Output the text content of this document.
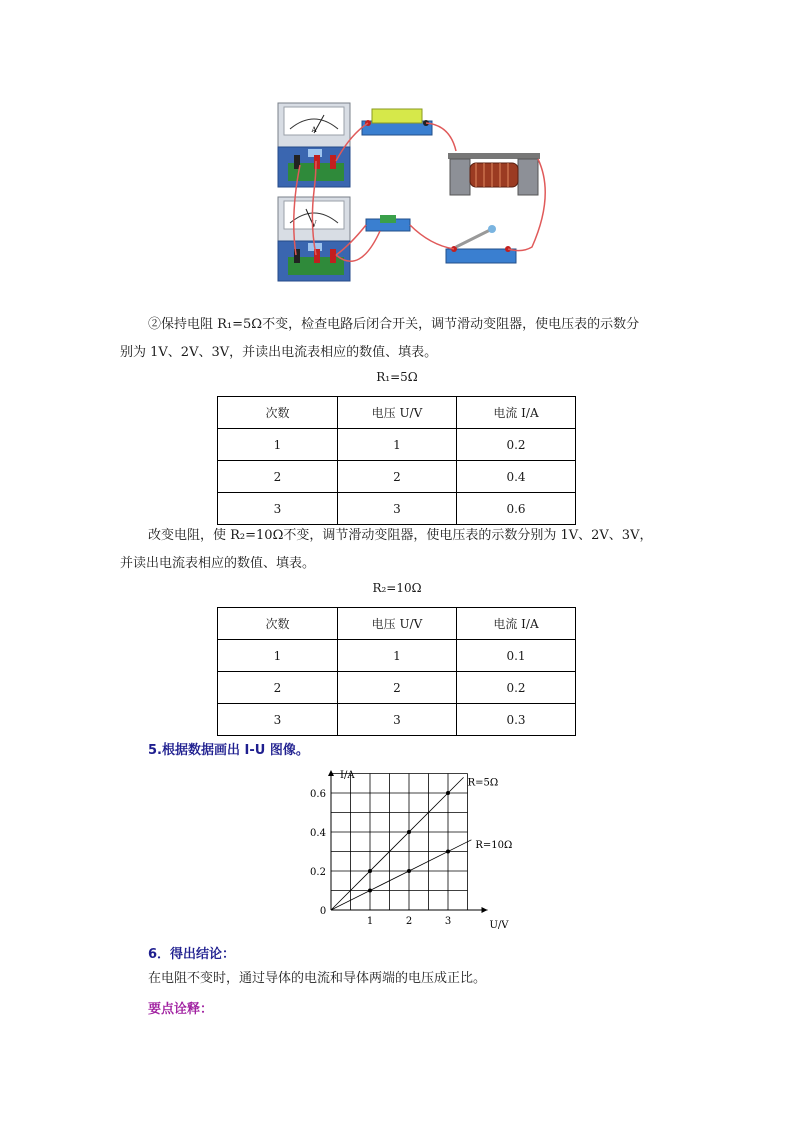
A
V
②保持电阻 R₁=5Ω不变，检查电路后闭合开关，调节滑动变阻器，使电压表的示数分
别为 1V、2V、3V，并读出电流表相应的数值、填表。
R₁=5Ω
次数	电压 U/V	电流 I/A
1	1	0.2
2	2	0.4
3	3	0.6
改变电阻，使 R₂=10Ω不变，调节滑动变阻器，使电压表的示数分别为 1V、2V、3V，
并读出电流表相应的数值、填表。
R₂=10Ω
次数	电压 U/V	电流 I/A
1	1	0.1
2	2	0.2
3	3	0.3
5.根据数据画出 I-U 图像。
I/A
U/V
0
1	2	3
0.2
0.4
0.6
R=5Ω
R=10Ω
6．得出结论：
在电阻不变时，通过导体的电流和导体两端的电压成正比。
要点诠释：
